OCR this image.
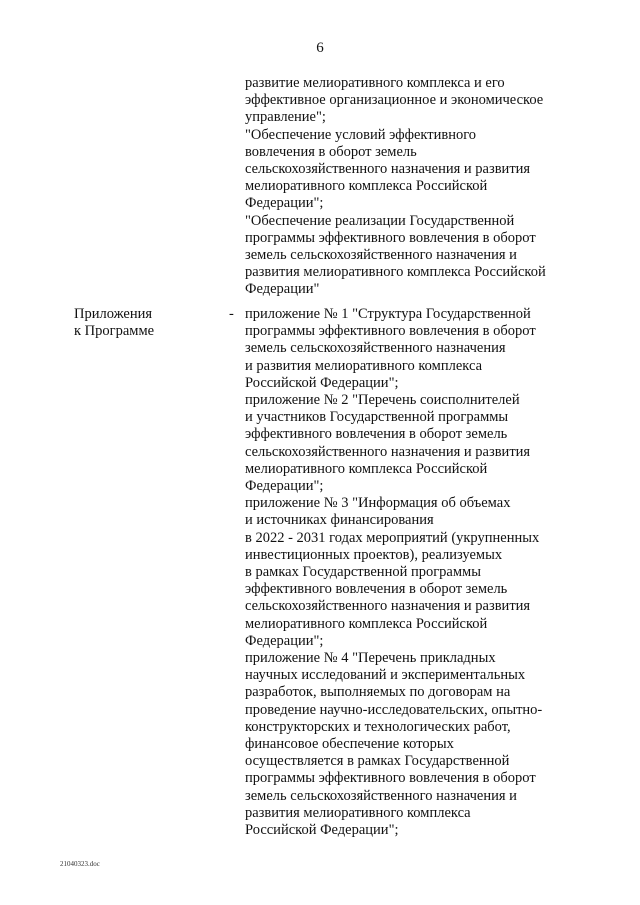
6
развитие мелиоративного комплекса и его
эффективное организационное и экономическое
управление";
"Обеспечение условий эффективного
вовлечения в оборот земель
сельскохозяйственного назначения и развития
мелиоративного комплекса Российской
Федерации";
"Обеспечение реализации Государственной
программы эффективного вовлечения в оборот
земель сельскохозяйственного назначения и
развития мелиоративного комплекса Российской
Федерации"
Приложения
к Программе
- приложение № 1 "Структура Государственной
программы эффективного вовлечения в оборот
земель сельскохозяйственного назначения
и развития мелиоративного комплекса
Российской Федерации";
приложение № 2 "Перечень соисполнителей
и участников Государственной программы
эффективного вовлечения в оборот земель
сельскохозяйственного назначения и развития
мелиоративного комплекса Российской
Федерации";
приложение № 3 "Информация об объемах
и источниках финансирования
в 2022 - 2031 годах мероприятий (укрупненных
инвестиционных проектов), реализуемых
в рамках Государственной программы
эффективного вовлечения в оборот земель
сельскохозяйственного назначения и развития
мелиоративного комплекса Российской
Федерации";
приложение № 4 "Перечень прикладных
научных исследований и экспериментальных
разработок, выполняемых по договорам на
проведение научно-исследовательских, опытно-
конструкторских и технологических работ,
финансовое обеспечение которых
осуществляется в рамках Государственной
программы эффективного вовлечения в оборот
земель сельскохозяйственного назначения и
развития мелиоративного комплекса
Российской Федерации";
21040323.doc
